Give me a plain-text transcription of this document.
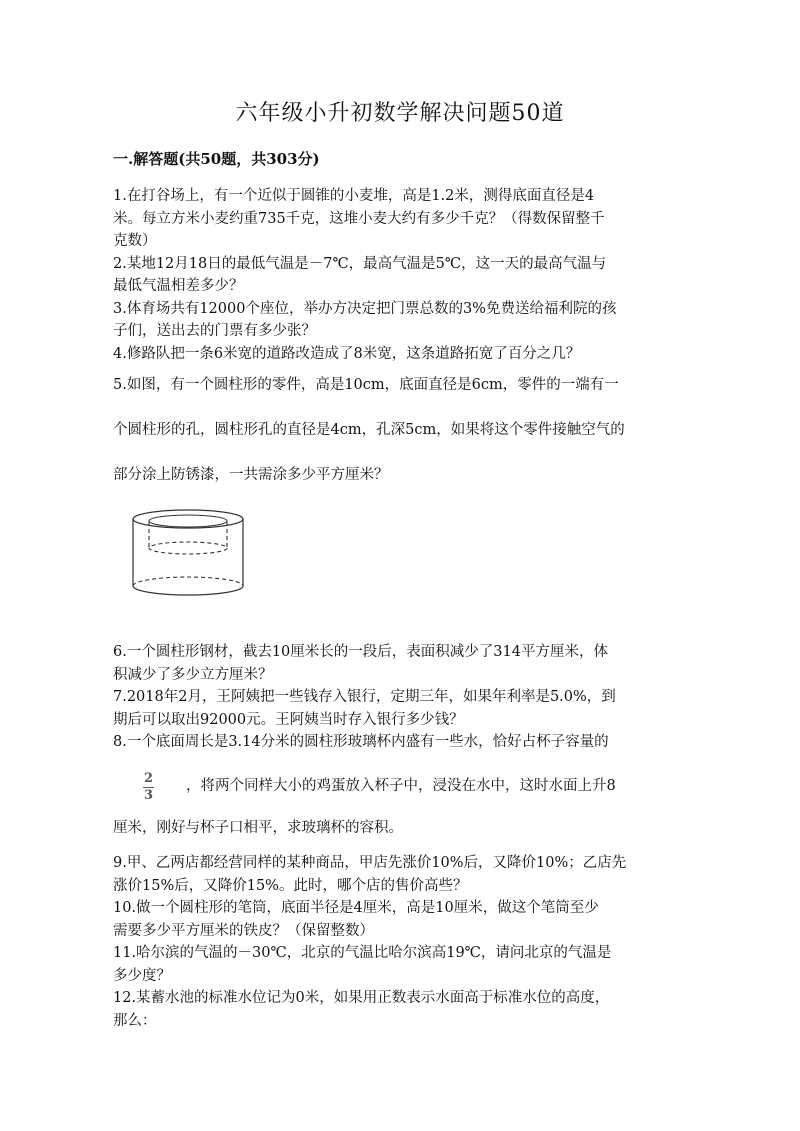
六年级小升初数学解决问题50道
一.解答题(共50题，共303分)
1.在打谷场上，有一个近似于圆锥的小麦堆，高是1.2米，测得底面直径是4
米。每立方米小麦约重735千克，这堆小麦大约有多少千克？（得数保留整千
克数）
2.某地12月18日的最低气温是－7℃，最高气温是5℃，这一天的最高气温与
最低气温相差多少？
3.体育场共有12000个座位，举办方决定把门票总数的3%免费送给福利院的孩
子们，送出去的门票有多少张？
4.修路队把一条6米宽的道路改造成了8米宽，这条道路拓宽了百分之几？
5.如图，有一个圆柱形的零件，高是10cm，底面直径是6cm，零件的一端有一
个圆柱形的孔，圆柱形孔的直径是4cm，孔深5cm，如果将这个零件接触空气的
部分涂上防锈漆，一共需涂多少平方厘米？
6.一个圆柱形钢材，截去10厘米长的一段后，表面积减少了314平方厘米，体
积减少了多少立方厘米？
7.2018年2月，王阿姨把一些钱存入银行，定期三年，如果年利率是5.0%，到
期后可以取出92000元。王阿姨当时存入银行多少钱？
8.一个底面周长是3.14分米的圆柱形玻璃杯内盛有一些水，恰好占杯子容量的
2
3
，将两个同样大小的鸡蛋放入杯子中，浸没在水中，这时水面上升8
厘米，刚好与杯子口相平，求玻璃杯的容积。
9.甲、乙两店都经营同样的某种商品，甲店先涨价10%后，又降价10%；乙店先
涨价15%后，又降价15%。此时，哪个店的售价高些？
10.做一个圆柱形的笔筒，底面半径是4厘米，高是10厘米，做这个笔筒至少
需要多少平方厘米的铁皮？（保留整数）
11.哈尔滨的气温的－30℃，北京的气温比哈尔滨高19℃，请问北京的气温是
多少度？
12.某蓄水池的标准水位记为0米，如果用正数表示水面高于标准水位的高度，
那么：
